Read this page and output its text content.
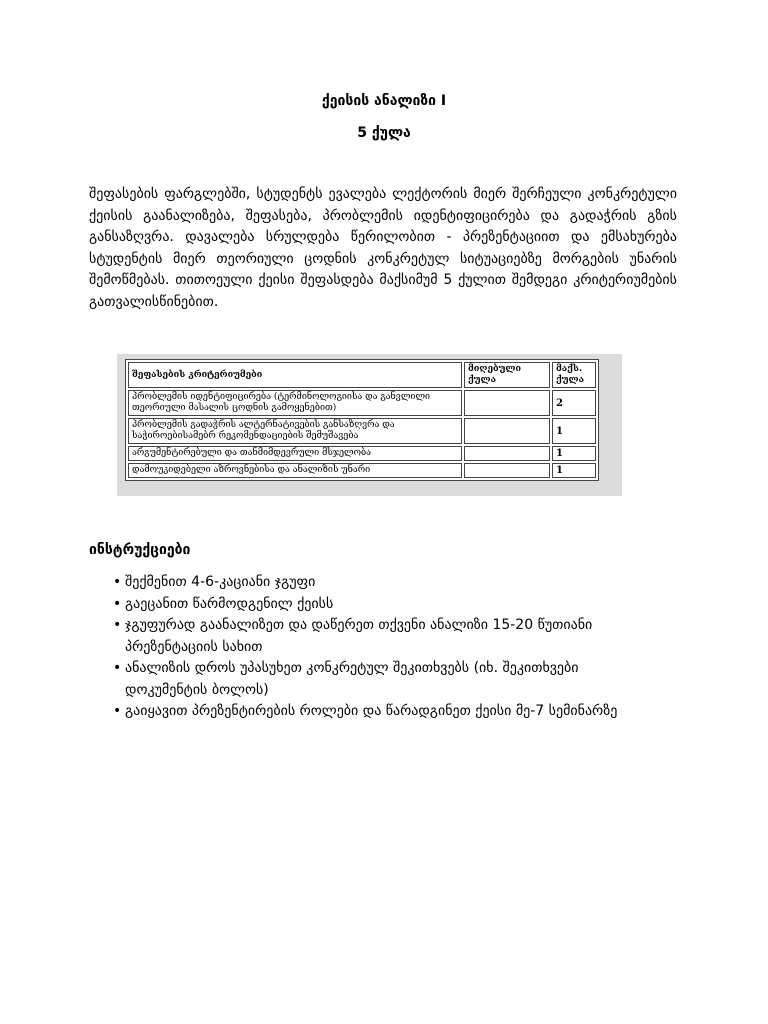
ქეისის ანალიზი I
5 ქულა
შეფასების ფარგლებში, სტუდენტს ევალება ლექტორის მიერ შერჩეული კონკრეტული ქეისის გაანალიზება, შეფასება, პრობლემის იდენტიფიცირება და გადაჭრის გზის განსაზღვრა. დავალება სრულდება წერილობით - პრეზენტაციით და ემსახურება სტუდენტის მიერ თეორიული ცოდნის კონკრეტულ სიტუაციებზე მორგების უნარის შემოწმებას. თითოეული ქეისი შეფასდება მაქსიმუმ 5 ქულით შემდეგი კრიტერიუმების გათვალისწინებით.
შეფასების კრიტერიუმები	მიღებული ქულა	მაქს. ქულა
პრობლემის იდენტიფიცირება (ტერმინოლოგიისა და განვლილი თეორიული მასალის ცოდნის გამოყენებით)		2
პრობლემის გადაჭრის ალტერნატივების განსაზღვრა და საჭიროებისამებრ რეკომენდაციების შემუშავება		1
არგუმენტირებული და თანმიმდევრული მსჯელობა		1
დამოუკიდებელი აზროვნებისა და ანალიზის უნარი		1
ინსტრუქციები
• შექმენით 4-6-კაციანი ჯგუფი
• გაეცანით წარმოდგენილ ქეისს
• ჯგუფურად გაანალიზეთ და დაწერეთ თქვენი ანალიზი 15-20 წუთიანი პრეზენტაციის სახით
• ანალიზის დროს უპასუხეთ კონკრეტულ შეკითხვებს (იხ. შეკითხვები დოკუმენტის ბოლოს)
• გაიყავით პრეზენტირების როლები და წარადგინეთ ქეისი მე-7 სემინარზე
